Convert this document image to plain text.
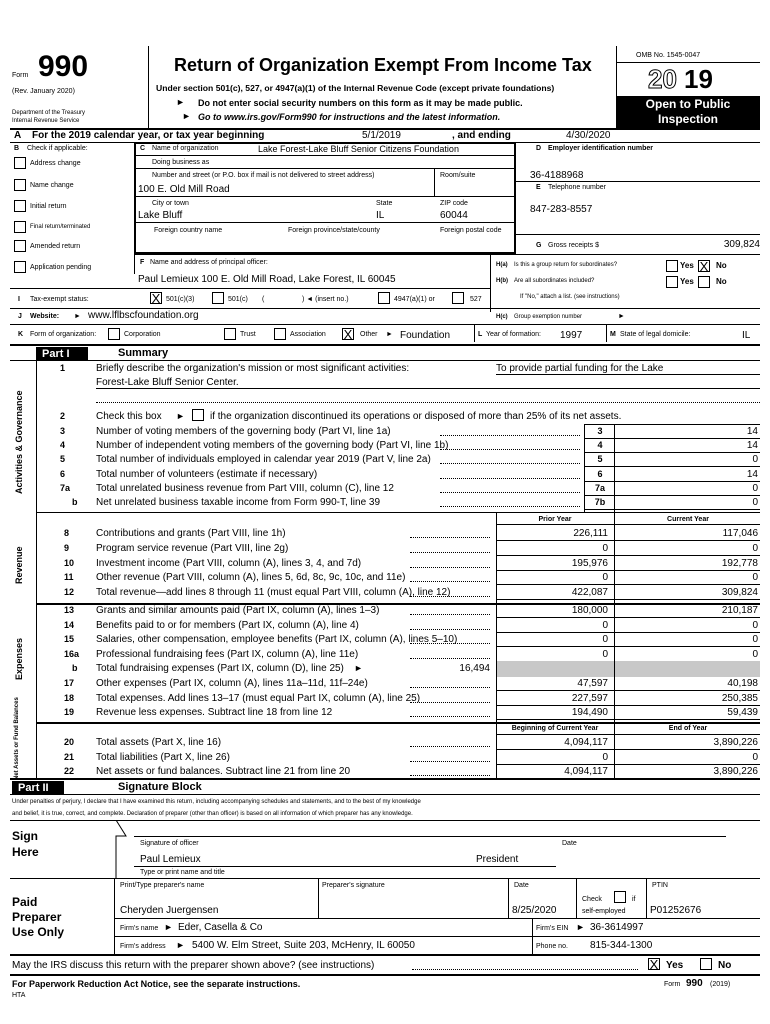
Form 990
(Rev. January 2020)
Department of the Treasury
Internal Revenue Service
Return of Organization Exempt From Income Tax
Under section 501(c), 527, or 4947(a)(1) of the Internal Revenue Code (except private foundations)
► Do not enter social security numbers on this form as it may be made public.
► Go to www.irs.gov/Form990 for instructions and the latest information.
OMB No. 1545-0047
20 19
Open to Public
Inspection
A For the 2019 calendar year, or tax year beginning	5/1/2019	, and ending	4/30/2020
B Check if applicable:
Address change
Name change
Initial return
Final return/terminated
Amended return
Application pending
C Name of organization	Lake Forest-Lake Bluff Senior Citizens Foundation
Doing business as
Number and street (or P.O. box if mail is not delivered to street address)	Room/suite
100 E. Old Mill Road
City or town	State	ZIP code
Lake Bluff	IL	60044
Foreign country name	Foreign province/state/county	Foreign postal code
D Employer identification number
36-4188968
E Telephone number
847-283-8557
G Gross receipts $	309,824
F Name and address of principal officer:
Paul Lemieux 100 E. Old Mill Road, Lake Forest, IL 60045
H(a) Is this a group return for subordinates?	Yes X No
H(b) Are all subordinates included?	Yes	No
If "No," attach a list. (see instructions)
I Tax-exempt status:	X 501(c)(3)	501(c) (	) ◄ (insert no.)	4947(a)(1) or	527
J Website: ► www.lflbscfoundation.org	H(c) Group exemption number	►
K Form of organization:	Corporation	Trust	Association X Other ► Foundation	L Year of formation: 1997	M State of legal domicile:	IL
Part I	Summary
Activities & Governance
Revenue
Expenses
Net Assets or Fund Balances
1	Briefly describe the organization's mission or most significant activities:	To provide partial funding for the Lake
Forest-Lake Bluff Senior Center.
2	Check this box ►	if the organization discontinued its operations or disposed of more than 25% of its net assets.
3	Number of voting members of the governing body (Part VI, line 1a)	3	14
4	Number of independent voting members of the governing body (Part VI, line 1b)	4	14
5	Total number of individuals employed in calendar year 2019 (Part V, line 2a)	5	0
6	Total number of volunteers (estimate if necessary)	6	14
7a	Total unrelated business revenue from Part VIII, column (C), line 12	7a	0
b	Net unrelated business taxable income from Form 990-T, line 39	7b	0
Prior Year	Current Year
8	Contributions and grants (Part VIII, line 1h)	226,111	117,046
9	Program service revenue (Part VIII, line 2g)	0	0
10	Investment income (Part VIII, column (A), lines 3, 4, and 7d)	195,976	192,778
11	Other revenue (Part VIII, column (A), lines 5, 6d, 8c, 9c, 10c, and 11e)	0	0
12	Total revenue—add lines 8 through 11 (must equal Part VIII, column (A), line 12)	422,087	309,824
13	Grants and similar amounts paid (Part IX, column (A), lines 1–3)	180,000	210,187
14	Benefits paid to or for members (Part IX, column (A), line 4)	0	0
15	Salaries, other compensation, employee benefits (Part IX, column (A), lines 5–10)	0	0
16a	Professional fundraising fees (Part IX, column (A), line 11e)	0	0
b	Total fundraising expenses (Part IX, column (D), line 25) ►	16,494
17	Other expenses (Part IX, column (A), lines 11a–11d, 11f–24e)	47,597	40,198
18	Total expenses. Add lines 13–17 (must equal Part IX, column (A), line 25)	227,597	250,385
19	Revenue less expenses. Subtract line 18 from line 12	194,490	59,439
Beginning of Current Year	End of Year
20	Total assets (Part X, line 16)	4,094,117	3,890,226
21	Total liabilities (Part X, line 26)	0	0
22	Net assets or fund balances. Subtract line 21 from line 20	4,094,117	3,890,226
Part II	Signature Block
Under penalties of perjury, I declare that I have examined this return, including accompanying schedules and statements, and to the best of my knowledge
and belief, it is true, correct, and complete. Declaration of preparer (other than officer) is based on all information of which preparer has any knowledge.
Sign
Here
Signature of officer	Date
Paul Lemieux	President
Type or print name and title
Paid
Preparer
Use Only
Print/Type preparer's name	Preparer's signature	Date
Check	if
self-employed
PTIN
Cheryden Juergensen	8/25/2020	P01252676
Firm's name ► Eder, Casella & Co	Firm's EIN ► 36-3614997
Firm's address ► 5400 W. Elm Street, Suite 203, McHenry, IL 60050	Phone no. 815-344-1300
May the IRS discuss this return with the preparer shown above? (see instructions)	X Yes	No
For Paperwork Reduction Act Notice, see the separate instructions.
HTA
Form 990 (2019)
